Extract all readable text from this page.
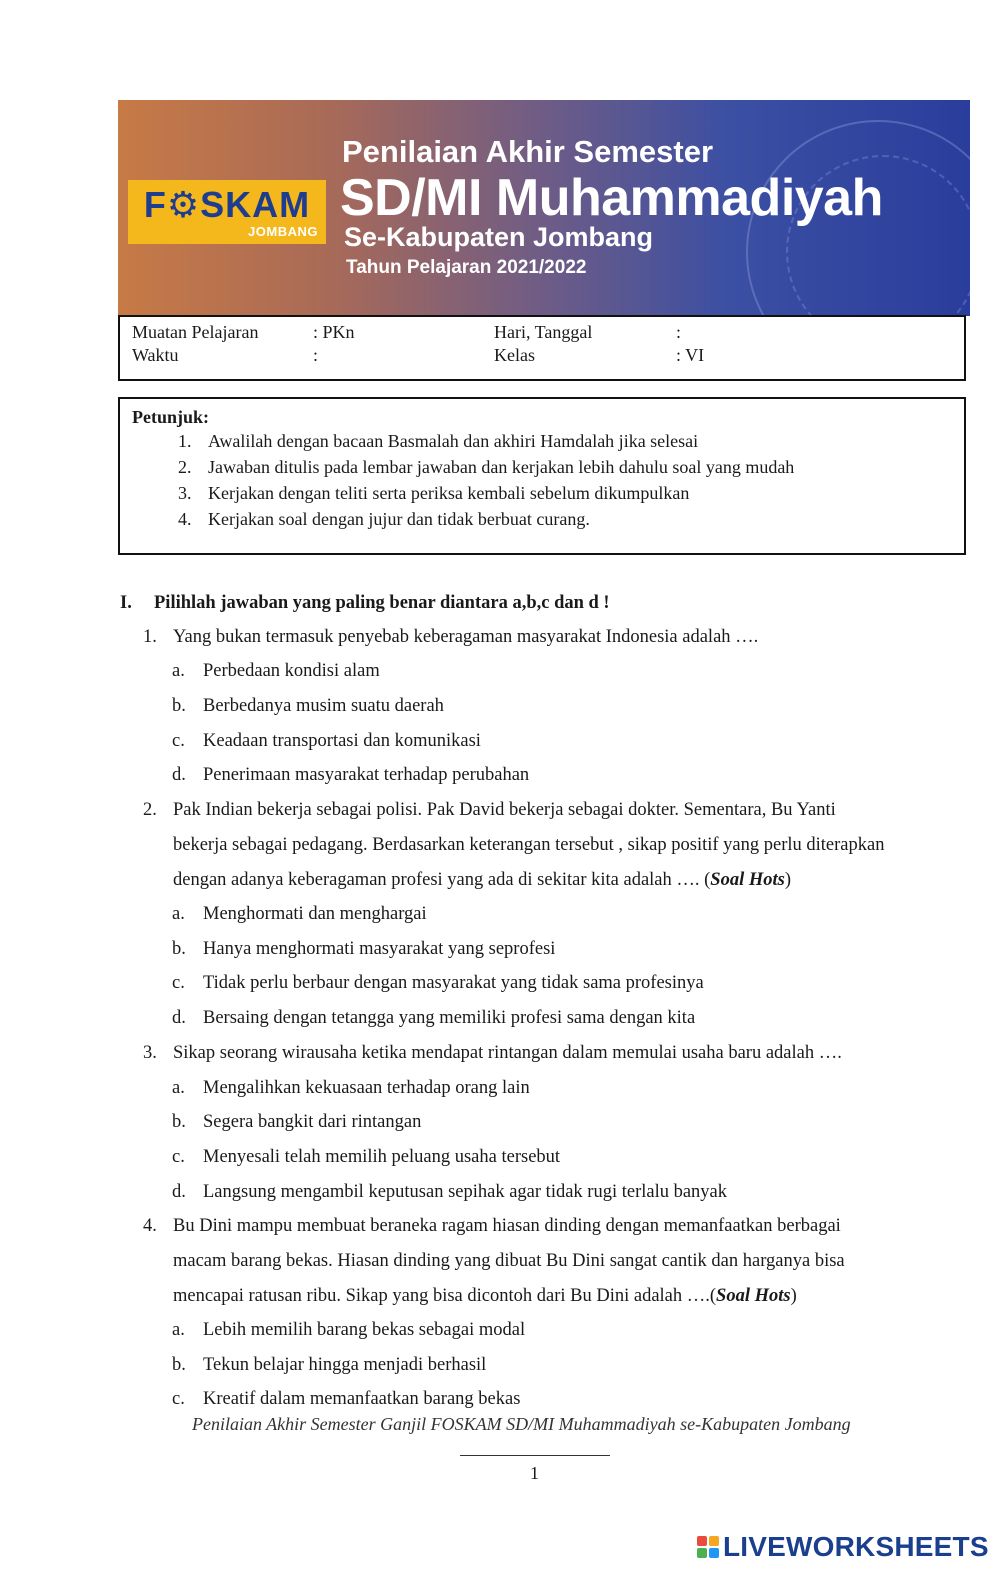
F⚙SKAM
JOMBANG
Penilaian Akhir Semester
SD/MI Muhammadiyah
Se-Kabupaten Jombang
Tahun Pelajaran 2021/2022
Muatan Pelajaran	: PKn	Hari, Tanggal	:
Waktu	:	Kelas	: VI
Petunjuk:
1. Awalilah dengan bacaan Basmalah dan akhiri Hamdalah jika selesai
2. Jawaban ditulis pada lembar jawaban dan kerjakan lebih dahulu soal yang mudah
3. Kerjakan dengan teliti serta periksa kembali sebelum dikumpulkan
4. Kerjakan soal dengan jujur dan tidak berbuat curang.
I. Pilihlah jawaban yang paling benar diantara a,b,c dan d !
1. Yang bukan termasuk penyebab keberagaman masyarakat Indonesia adalah ….
a. Perbedaan kondisi alam
b. Berbedanya musim suatu daerah
c. Keadaan transportasi dan komunikasi
d. Penerimaan masyarakat terhadap perubahan
2. Pak Indian bekerja sebagai polisi. Pak David bekerja sebagai dokter. Sementara, Bu Yanti
bekerja sebagai pedagang. Berdasarkan keterangan tersebut , sikap positif yang perlu diterapkan
dengan adanya keberagaman profesi yang ada di sekitar kita adalah …. (Soal Hots)
a. Menghormati dan menghargai
b. Hanya menghormati masyarakat yang seprofesi
c. Tidak perlu berbaur dengan masyarakat yang tidak sama profesinya
d. Bersaing dengan tetangga yang memiliki profesi sama dengan kita
3. Sikap seorang wirausaha ketika mendapat rintangan dalam memulai usaha baru adalah ….
a. Mengalihkan kekuasaan terhadap orang lain
b. Segera bangkit dari rintangan
c. Menyesali telah memilih peluang usaha tersebut
d. Langsung mengambil keputusan sepihak agar tidak rugi terlalu banyak
4. Bu Dini mampu membuat beraneka ragam hiasan dinding dengan memanfaatkan berbagai
macam barang bekas. Hiasan dinding yang dibuat Bu Dini sangat cantik dan harganya bisa
mencapai ratusan ribu. Sikap yang bisa dicontoh dari Bu Dini adalah ….(Soal Hots)
a. Lebih memilih barang bekas sebagai modal
b. Tekun belajar hingga menjadi berhasil
c. Kreatif dalam memanfaatkan barang bekas
Penilaian Akhir Semester Ganjil FOSKAM SD/MI Muhammadiyah se-Kabupaten Jombang
1
LIVEWORKSHEETS
